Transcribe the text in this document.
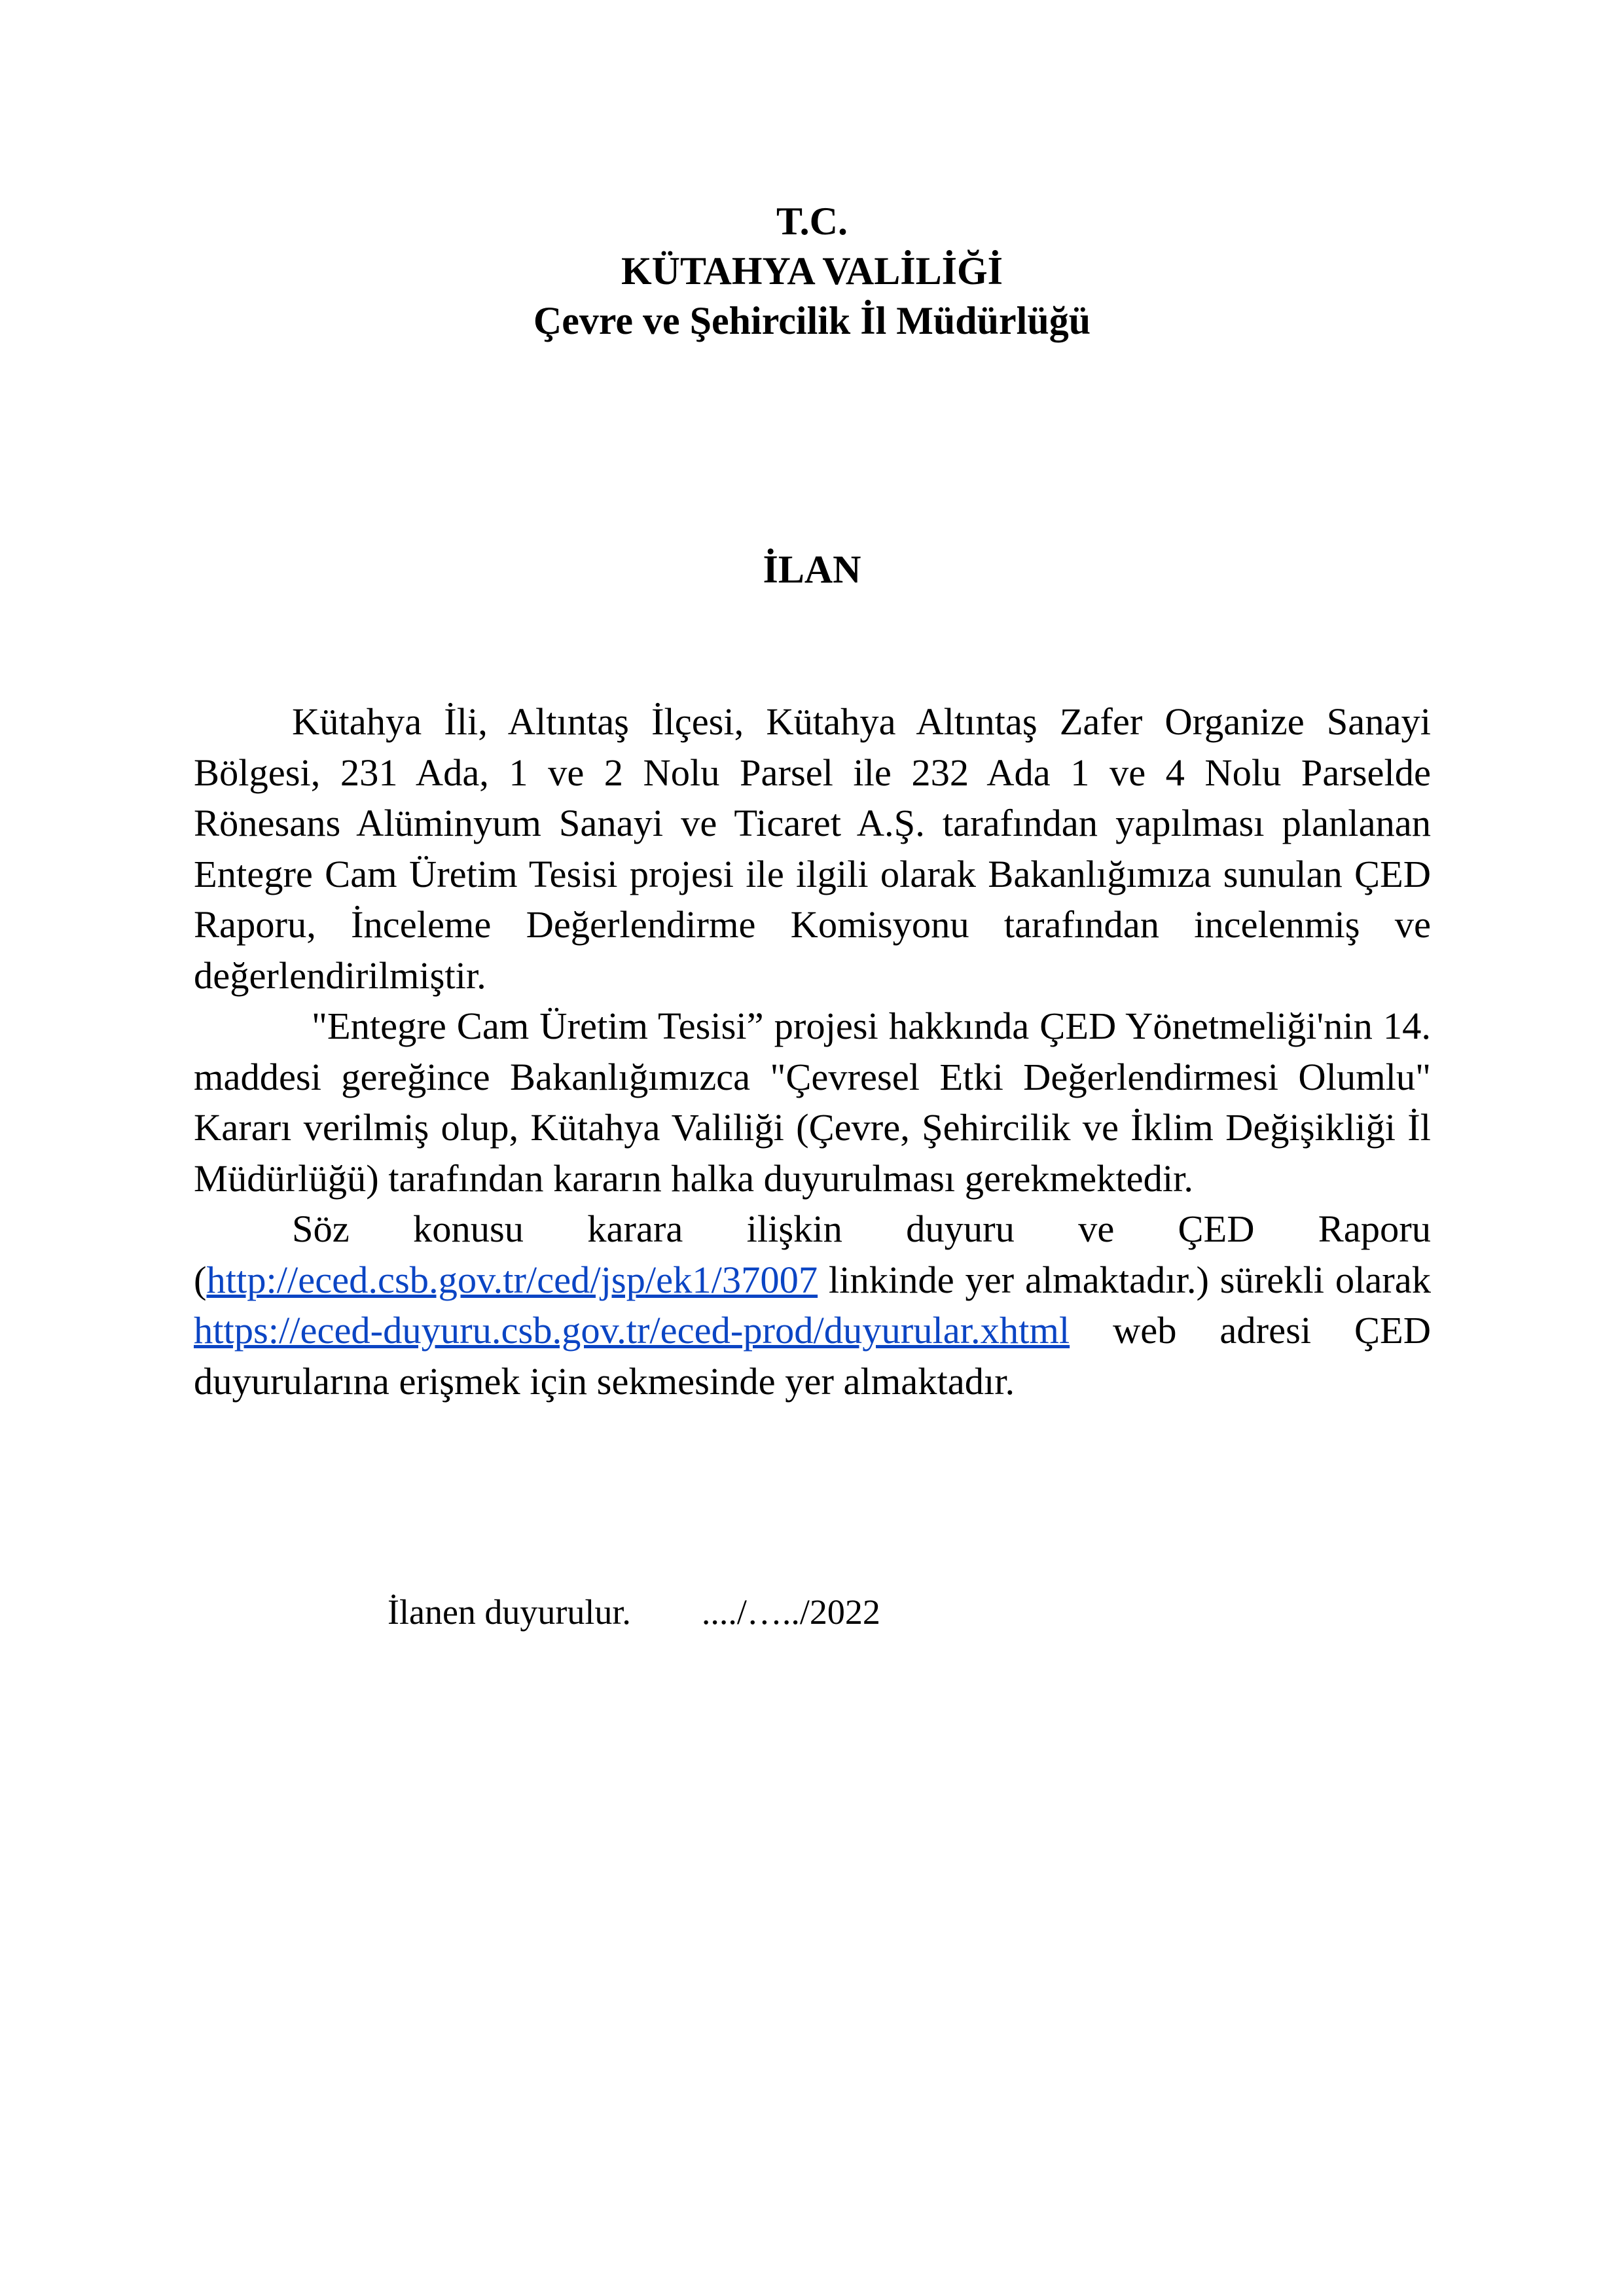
T.C.
KÜTAHYA VALİLİĞİ
Çevre ve Şehircilik İl Müdürlüğü
İLAN

Kütahya İli, Altıntaş İlçesi, Kütahya Altıntaş Zafer Organize Sanayi Bölgesi, 231 Ada, 1 ve 2 Nolu Parsel ile 232 Ada 1 ve 4 Nolu Parselde Rönesans Alüminyum Sanayi ve Ticaret A.Ş. tarafından yapılması planlanan Entegre Cam Üretim Tesisi projesi ile ilgili olarak Bakanlığımıza sunulan ÇED Raporu, İnceleme Değerlendirme Komisyonu tarafından incelenmiş ve değerlendirilmiştir.

"Entegre Cam Üretim Tesisi” projesi hakkında ÇED Yönetmeliği'nin 14. maddesi gereğince Bakanlığımızca "Çevresel Etki Değerlendirmesi Olumlu" Kararı verilmiş olup, Kütahya Valiliği (Çevre, Şehircilik ve İklim Değişikliği İl Müdürlüğü) tarafından kararın halka duyurulması gerekmektedir.

Söz konusu karara ilişkin duyuru ve ÇED Raporu (http://eced.csb.gov.tr/ced/jsp/ek1/37007 linkinde yer almaktadır.) sürekli olarak https://eced-duyuru.csb.gov.tr/eced-prod/duyurular.xhtml web adresi ÇED duyurularına erişmek için sekmesinde yer almaktadır.

İlanen duyurulur. ..../…../2022
